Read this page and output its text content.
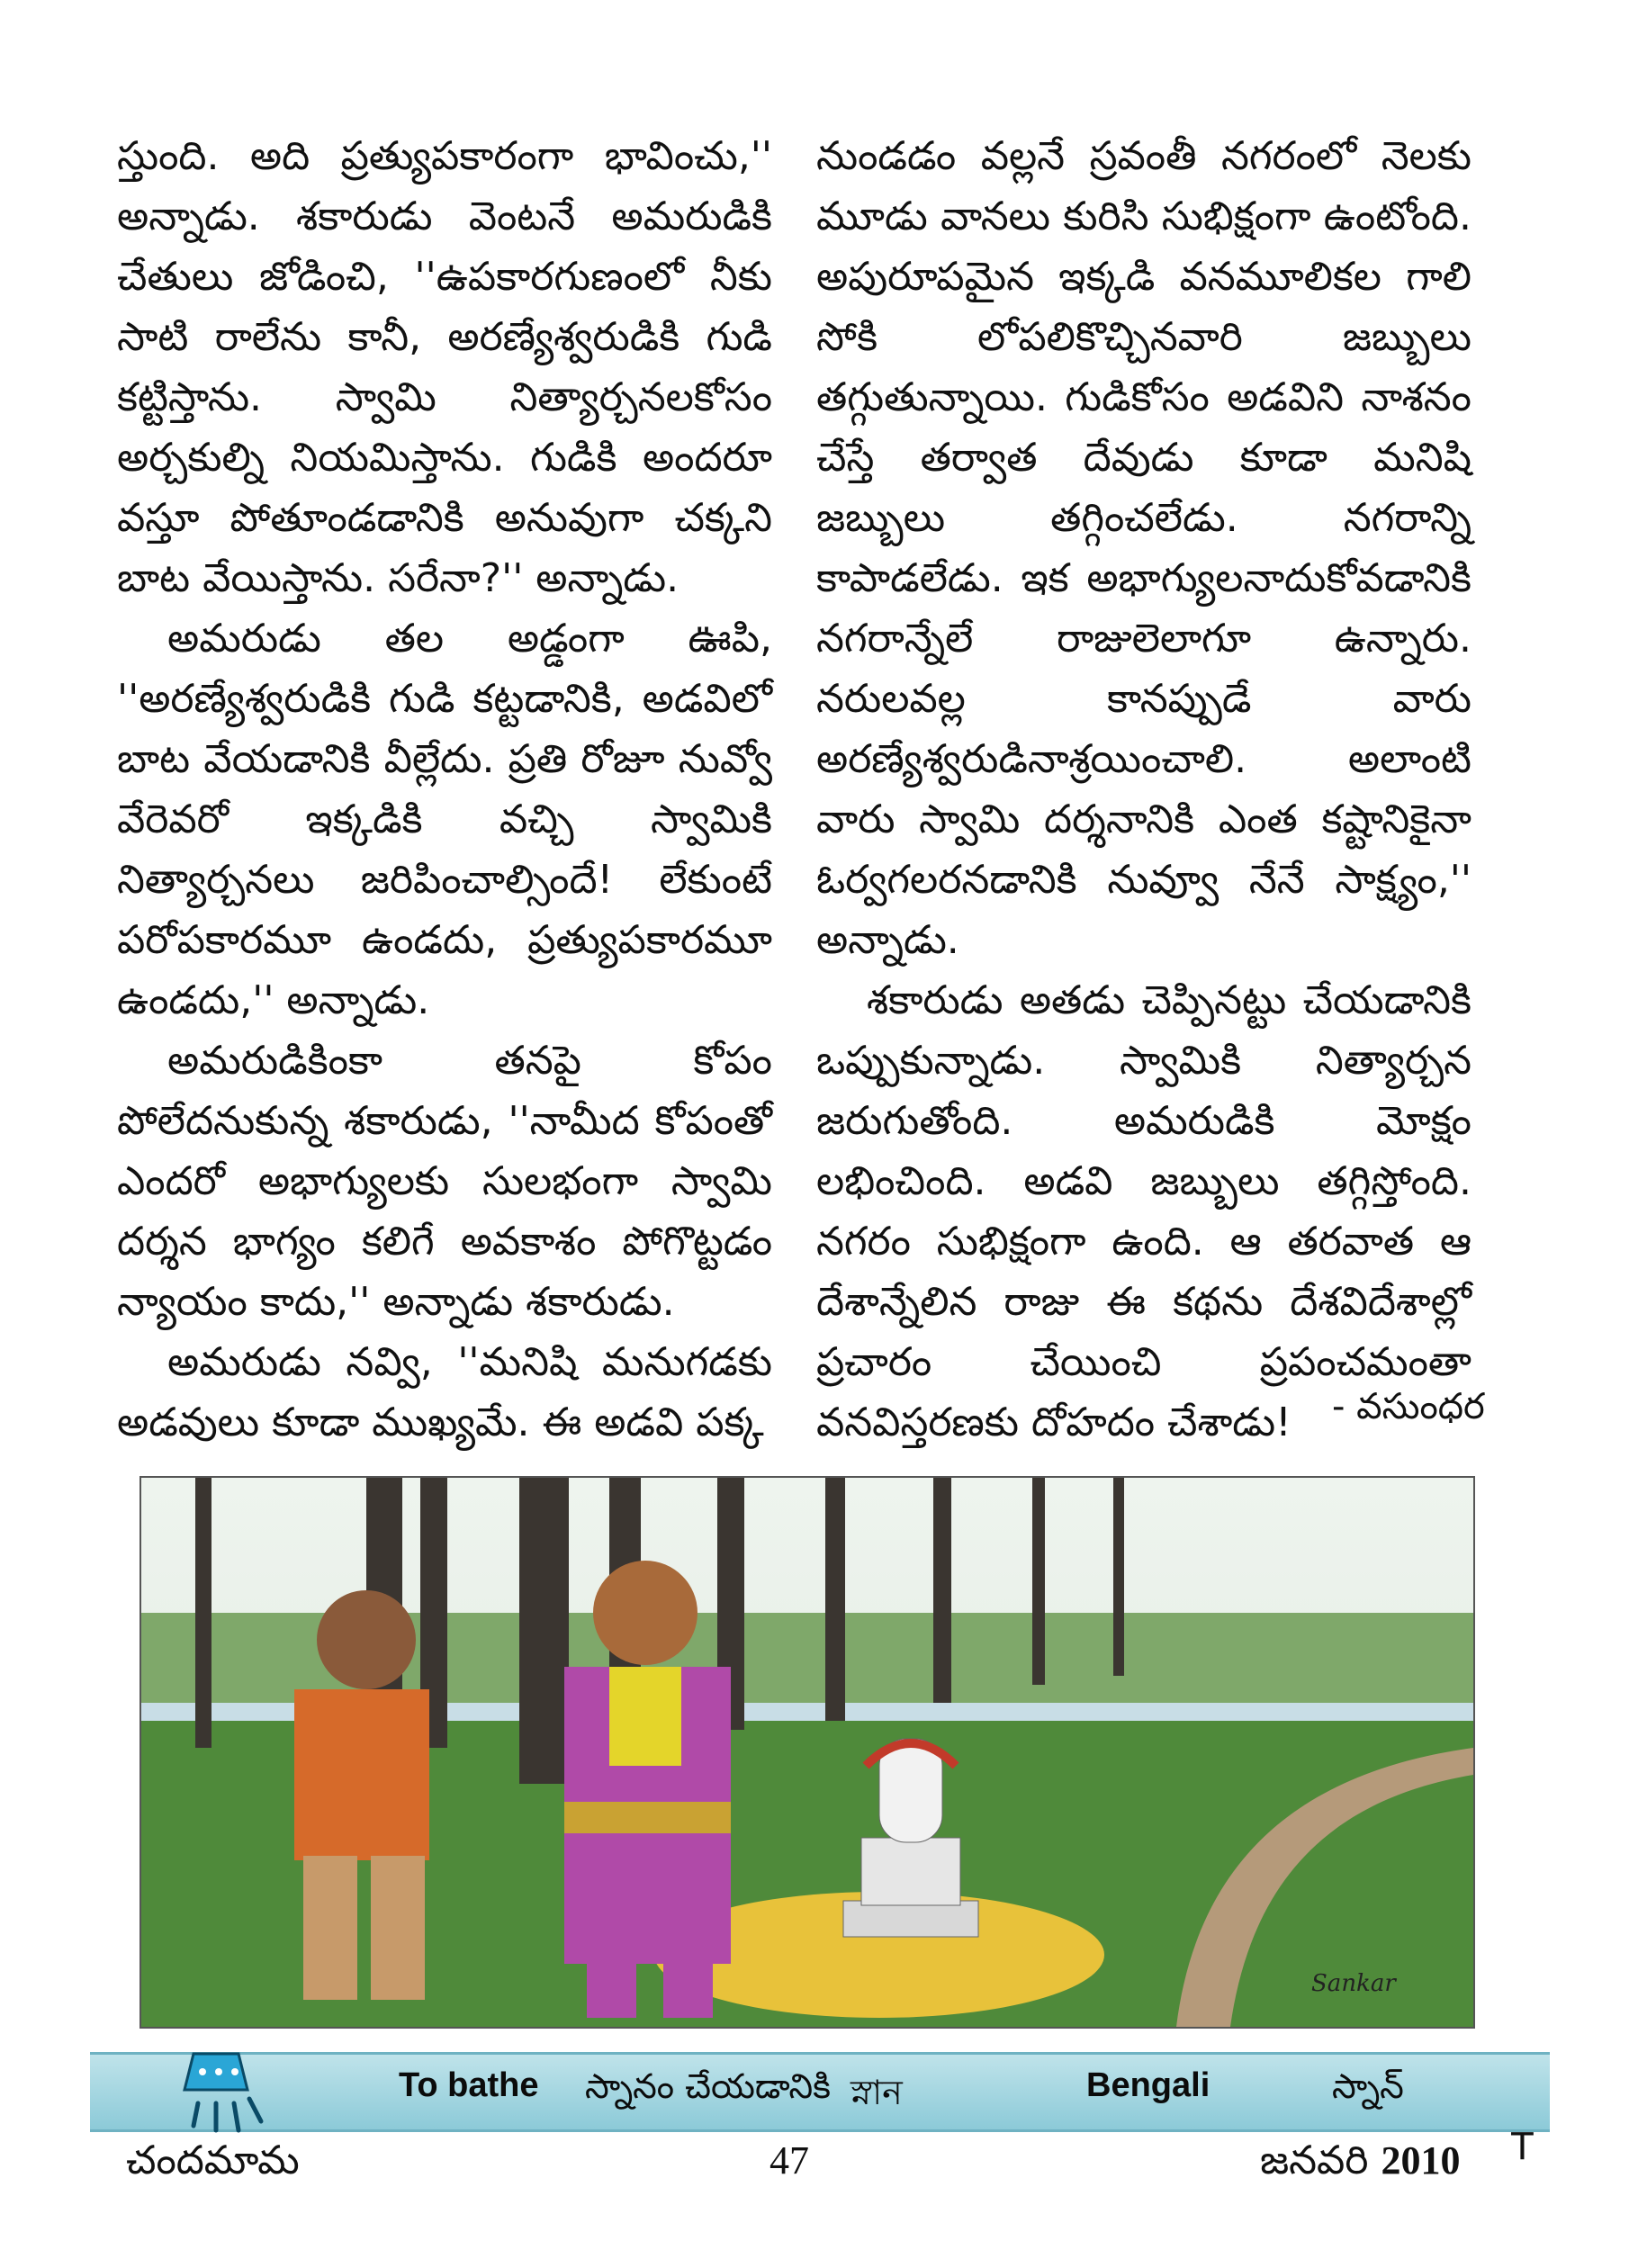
స్తుంది. అది ప్రత్యుపకారంగా భావించు,'' అన్నాడు. శకారుడు వెంటనే అమరుడికి చేతులు జోడించి, ''ఉపకారగుణంలో నీకు సాటి రాలేను కానీ, అరణ్యేశ్వరుడికి గుడి కట్టిస్తాను. స్వామి నిత్యార్చనలకోసం అర్చకుల్ని నియమిస్తాను. గుడికి అందరూ వస్తూ పోతూండడానికి అనువుగా చక్కని బాట వేయిస్తాను. సరేనా?'' అన్నాడు.

అమరుడు తల అడ్డంగా ఊపి, ''అరణ్యేశ్వరుడికి గుడి కట్టడానికి, అడవిలో బాట వేయడానికి వీల్లేదు. ప్రతి రోజూ నువ్వో వేరెవరో ఇక్కడికి వచ్చి స్వామికి నిత్యార్చనలు జరిపించాల్సిందే! లేకుంటే పరోపకారమూ ఉండదు, ప్రత్యుపకారమూ ఉండదు,'' అన్నాడు.

అమరుడికింకా తనపై కోపం పోలేదనుకున్న శకారుడు, ''నామీద కోపంతో ఎందరో అభాగ్యులకు సులభంగా స్వామి దర్శన భాగ్యం కలిగే అవకాశం పోగొట్టడం న్యాయం కాదు,'' అన్నాడు శకారుడు.

అమరుడు నవ్వి, ''మనిషి మనుగడకు అడవులు కూడా ముఖ్యమే. ఈ అడవి పక్క

నుండడం వల్లనే స్రవంతీ నగరంలో నెలకు మూడు వానలు కురిసి సుభిక్షంగా ఉంటోంది. అపురూపమైన ఇక్కడి వనమూలికల గాలి సోకి లోపలికొచ్చినవారి జబ్బులు తగ్గుతున్నాయి. గుడికోసం అడవిని నాశనం చేస్తే తర్వాత దేవుడు కూడా మనిషి జబ్బులు తగ్గించలేడు. నగరాన్ని కాపాడలేడు. ఇక అభాగ్యులనాదుకోవడానికి నగరాన్నేలే రాజులెలాగూ ఉన్నారు. నరులవల్ల కానప్పుడే వారు అరణ్యేశ్వరుడినాశ్రయించాలి. అలాంటి వారు స్వామి దర్శనానికి ఎంత కష్టానికైనా ఓర్వగలరనడానికి నువ్వూ నేనే సాక్ష్యం,'' అన్నాడు.

శకారుడు అతడు చెప్పినట్టు చేయడానికి ఒప్పుకున్నాడు. స్వామికి నిత్యార్చన జరుగుతోంది. అమరుడికి మోక్షం లభించింది. అడవి జబ్బులు తగ్గిస్తోంది. నగరం సుభిక్షంగా ఉంది. ఆ తరవాత ఆ దేశాన్నేలిన రాజు ఈ కథను దేశవిదేశాల్లో ప్రచారం చేయించి ప్రపంచమంతా వనవిస్తరణకు దోహదం చేశాడు!	- వసుంధర
Sankar
To bathe స్నానం చేయడానికి স্নান	Bengali	స్నాన్
చందమామ	47	జనవరి 2010 T
